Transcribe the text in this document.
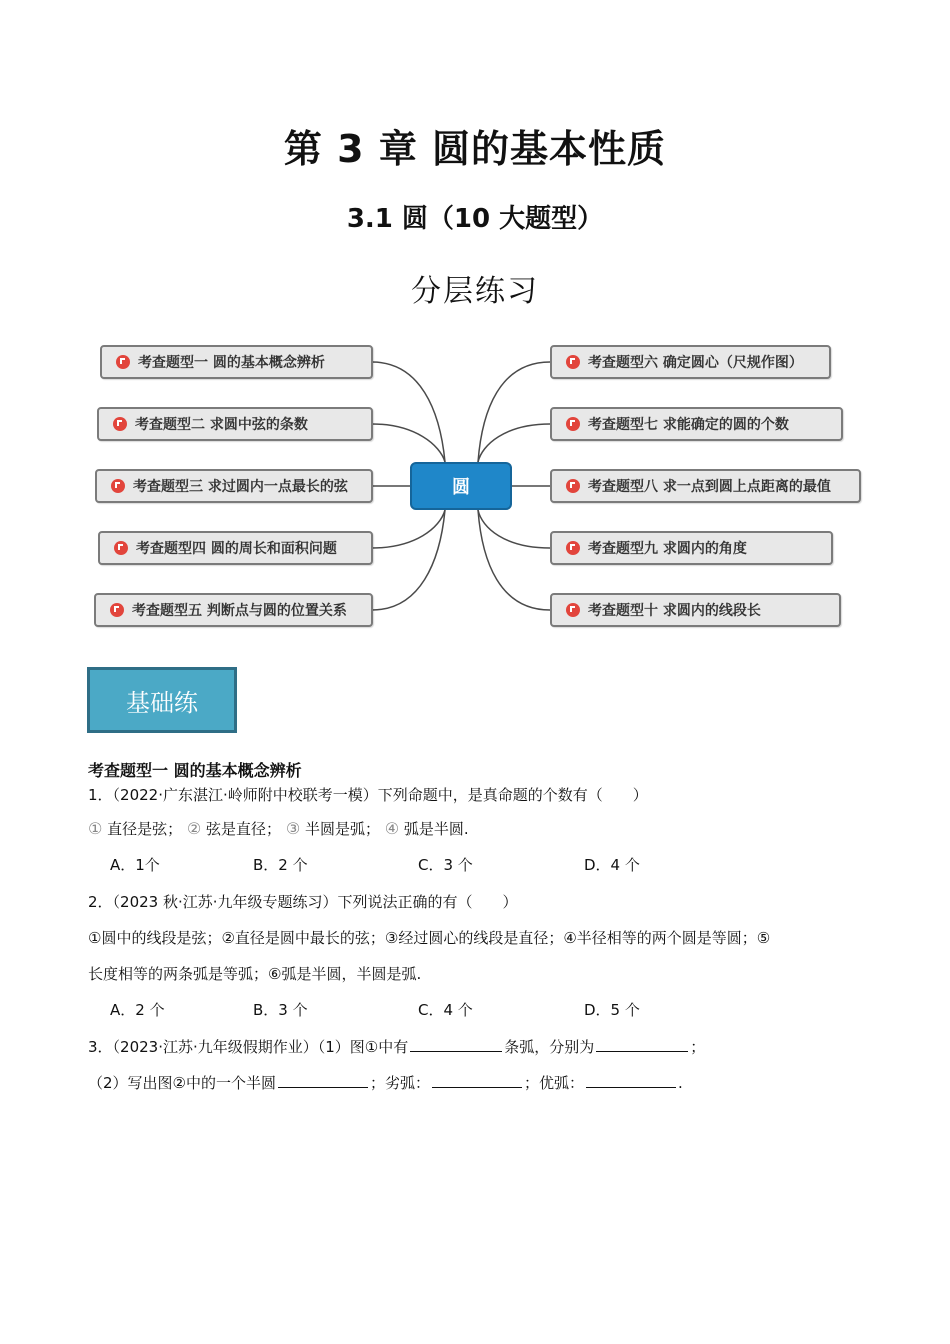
第 3 章 圆的基本性质
3.1 圆（10 大题型）
分层练习
考查题型一 圆的基本概念辨析
考查题型二 求圆中弦的条数
考查题型三 求过圆内一点最长的弦
考查题型四 圆的周长和面积问题
考查题型五 判断点与圆的位置关系
圆
考查题型六 确定圆心（尺规作图）
考查题型七 求能确定的圆的个数
考查题型八 求一点到圆上点距离的最值
考查题型九 求圆内的角度
考查题型十 求圆内的线段长
基础练
考查题型一 圆的基本概念辨析
1．（2022·广东湛江·岭师附中校联考一模）下列命题中，是真命题的个数有（　　）
① 直径是弦； ② 弦是直径； ③ 半圆是弧； ④ 弧是半圆.
A．1个	B．2 个	C．3 个	D．4 个
2．（2023 秋·江苏·九年级专题练习）下列说法正确的有（　　）
①圆中的线段是弦；②直径是圆中最长的弦；③经过圆心的线段是直径；④半径相等的两个圆是等圆；⑤
长度相等的两条弧是等弧；⑥弧是半圆，半圆是弧.
A．2 个	B．3 个	C．4 个	D．5 个
3．（2023·江苏·九年级假期作业）（1）图①中有	条弧，分别为	；
（2）写出图②中的一个半圆	；劣弧：	；优弧：	.
